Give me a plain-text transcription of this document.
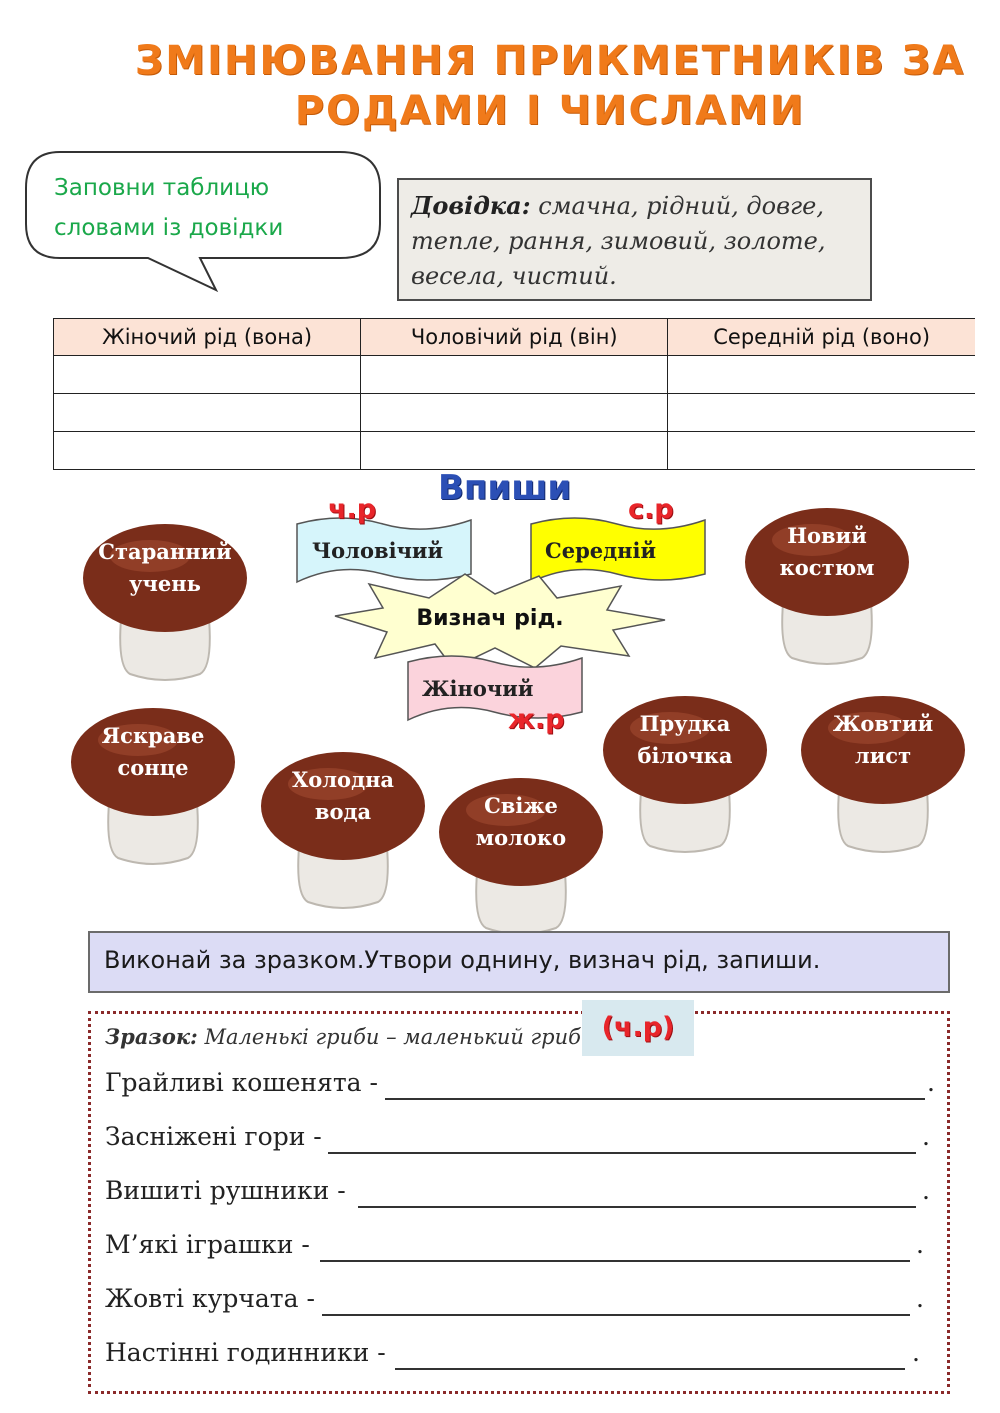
ЗМІНЮВАННЯ ПРИКМЕТНИКІВ ЗА
РОДАМИ І ЧИСЛАМИ
Заповни таблицю
словами із довідки
Довідка: смачна, рідний, довге, тепле, рання, зимовий, золоте, весела, чистий.
Жіночий рід (вона)	Чоловічий рід (він)	Середній рід (воно)

Впиши
Чоловічий
ч.р
Середній
с.р
Визнач рід.
Жіночий
ж.р
Старанний
учень
Новий
костюм
Яскраве
сонце	Холодна
вода	Свіже
молоко
Прудка
білочка
Жовтий
лист
Виконай за зразком.Утвори однину, визнач рід, запиши.
Зразок: Маленькі гриби – маленький гриб (ч.р)
Грайливі кошенята -	.
Засніжені гори -	.
Вишиті рушники -	.
М’які іграшки -	.
Жовті курчата -	.
Настінні годинники -	.
